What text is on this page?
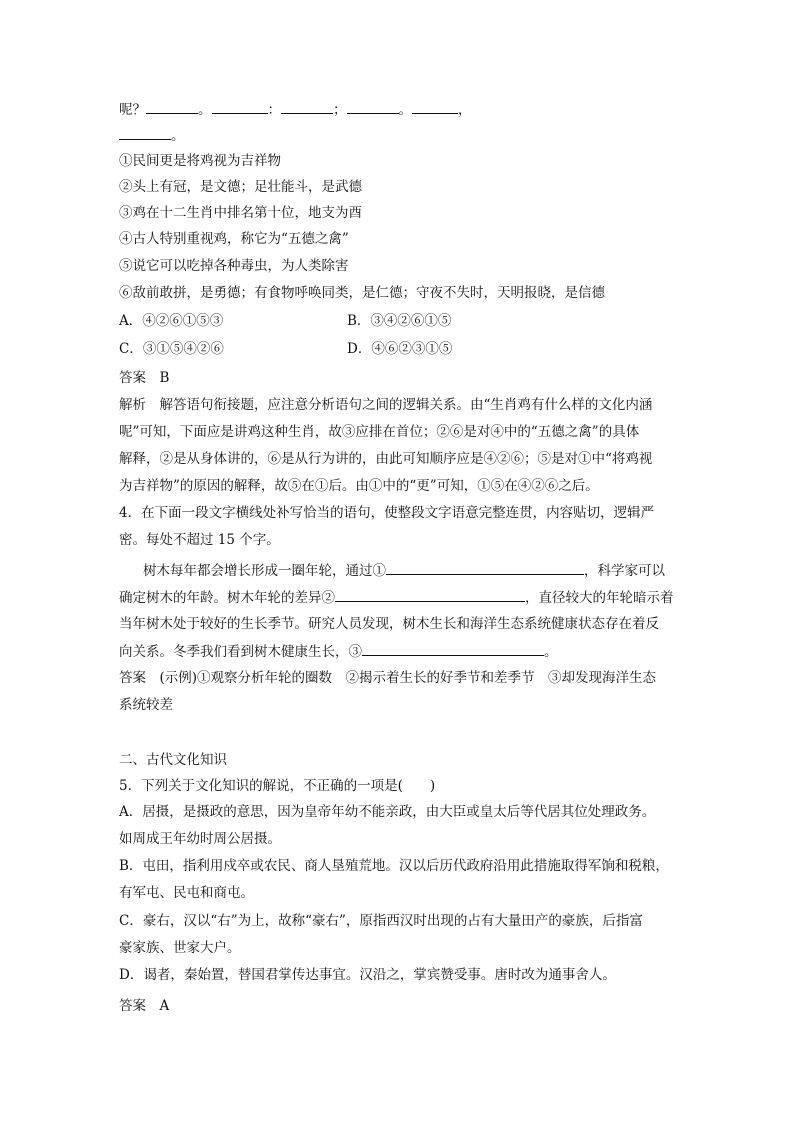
呢？	。	：	；	。	，
。
①民间更是将鸡视为吉祥物
②头上有冠，是文德；足壮能斗，是武德
③鸡在十二生肖中排名第十位，地支为酉
④古人特别重视鸡，称它为“五德之禽”
⑤说它可以吃掉各种毒虫，为人类除害
⑥敌前敢拼，是勇德；有食物呼唤同类，是仁德；守夜不失时，天明报晓，是信德
A．④②⑥①⑤③	B．③④②⑥①⑤
C．③①⑤④②⑥	D．④⑥②③①⑤
答案　B
解析　解答语句衔接题，应注意分析语句之间的逻辑关系。由“生肖鸡有什么样的文化内涵
呢”可知，下面应是讲鸡这种生肖，故③应排在首位；②⑥是对④中的“五德之禽”的具体
解释，②是从身体讲的，⑥是从行为讲的，由此可知顺序应是④②⑥；⑤是对①中“将鸡视
为吉祥物”的原因的解释，故⑤在①后。由①中的“更”可知，①⑤在④②⑥之后。
4．在下面一段文字横线处补写恰当的语句，使整段文字语意完整连贯，内容贴切，逻辑严
密。每处不超过 15 个字。
树木每年都会增长形成一圈年轮，通过①	，科学家可以
确定树木的年龄。树木年轮的差异②	，直径较大的年轮暗示着
当年树木处于较好的生长季节。研究人员发现，树木生长和海洋生态系统健康状态存在着反
向关系。冬季我们看到树木健康生长，③	。
答案　(示例)①观察分析年轮的圈数　②揭示着生长的好季节和差季节　③却发现海洋生态
系统较差
二、古代文化知识
5．下列关于文化知识的解说，不正确的一项是(　　)
A．居摄，是摄政的意思，因为皇帝年幼不能亲政，由大臣或皇太后等代居其位处理政务。
如周成王年幼时周公居摄。
B．屯田，指利用戍卒或农民、商人垦殖荒地。汉以后历代政府沿用此措施取得军饷和税粮，
有军屯、民屯和商屯。
C．豪右，汉以“右”为上，故称“豪右”，原指西汉时出现的占有大量田产的豪族，后指富
豪家族、世家大户。
D．谒者，秦始置，替国君掌传达事宜。汉沿之，掌宾赞受事。唐时改为通事舍人。
答案　A
